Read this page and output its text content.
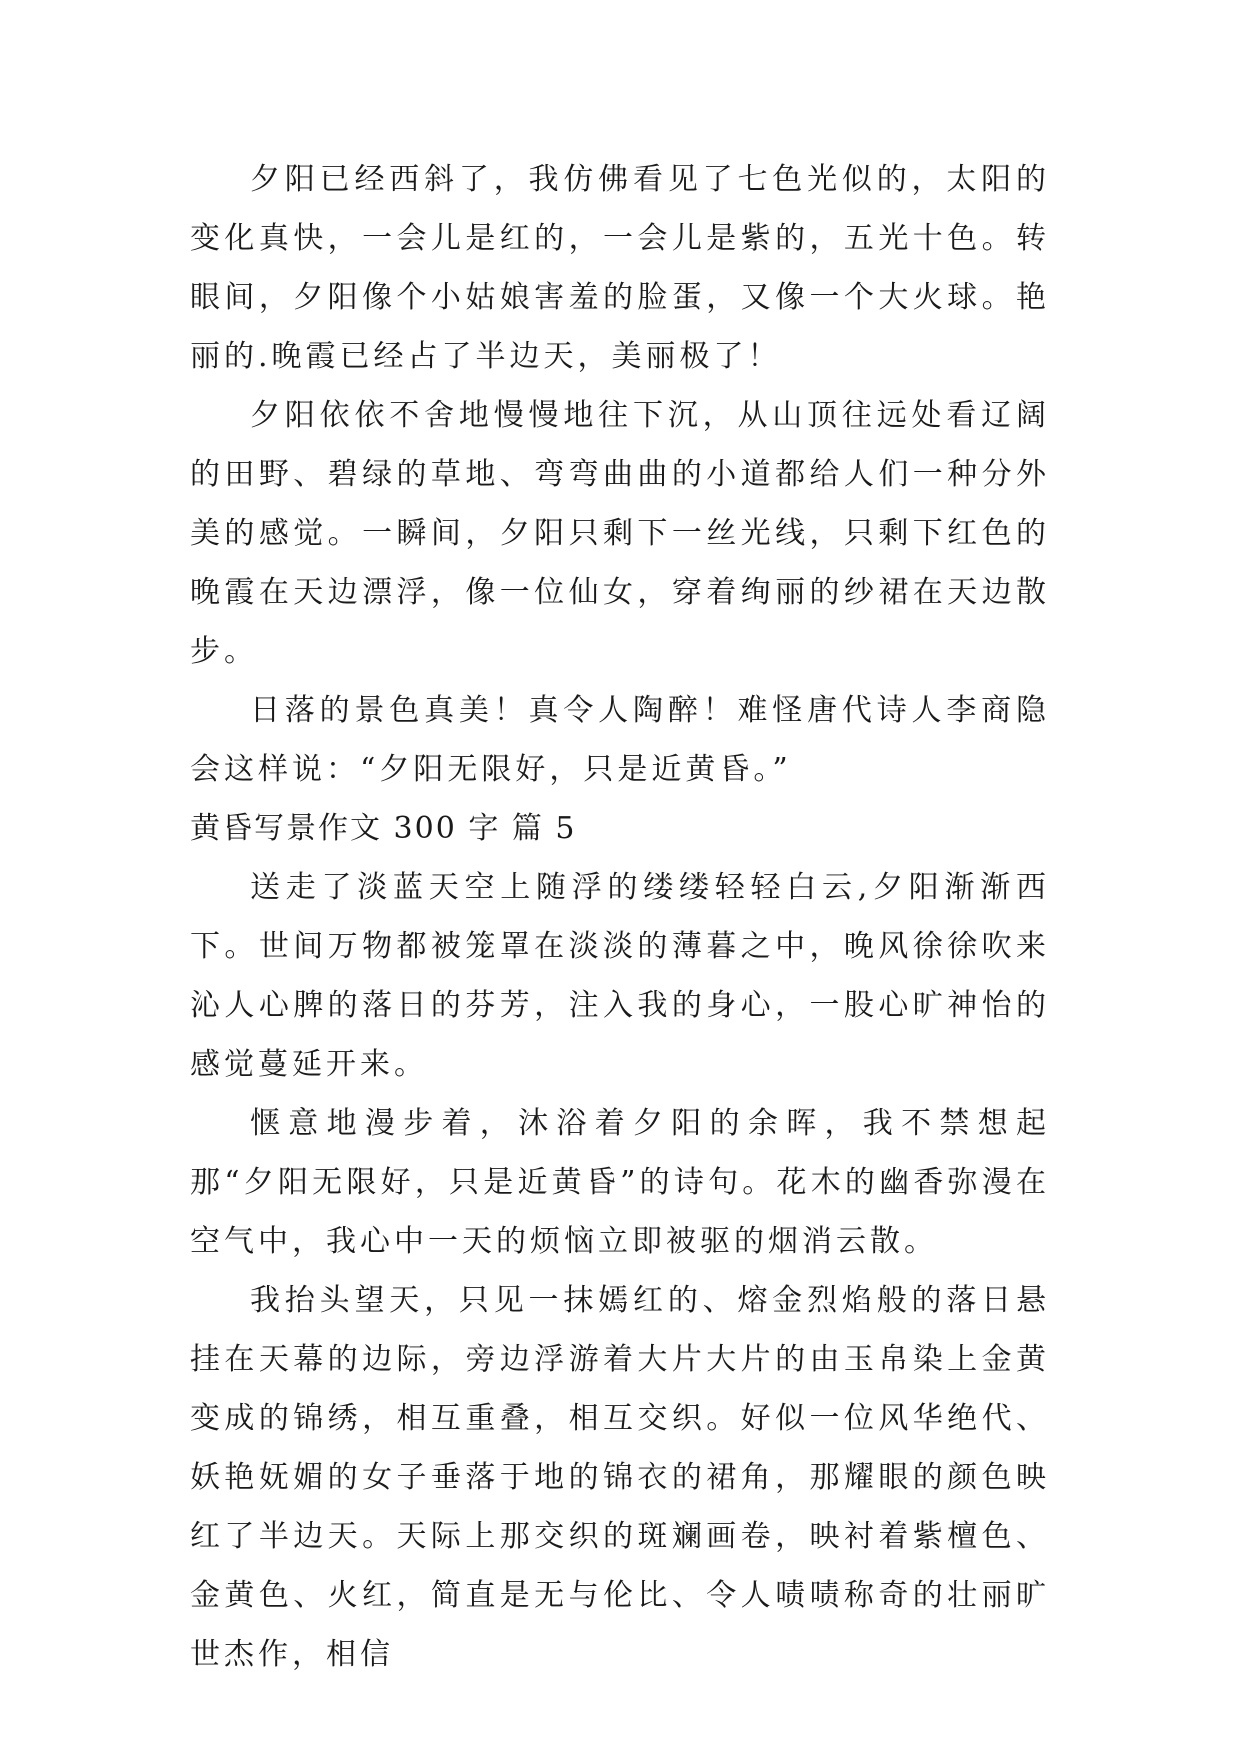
夕阳已经西斜了，我仿佛看见了七色光似的，太阳的变化真快，一会儿是红的，一会儿是紫的，五光十色。转眼间，夕阳像个小姑娘害羞的脸蛋，又像一个大火球。艳丽的.晚霞已经占了半边天，美丽极了！

夕阳依依不舍地慢慢地往下沉，从山顶往远处看辽阔的田野、碧绿的草地、弯弯曲曲的小道都给人们一种分外美的感觉。一瞬间，夕阳只剩下一丝光线，只剩下红色的晚霞在天边漂浮，像一位仙女，穿着绚丽的纱裙在天边散步。

日落的景色真美！真令人陶醉！难怪唐代诗人李商隐会这样说：“夕阳无限好，只是近黄昏。”

黄昏写景作文 300 字 篇 5

送走了淡蓝天空上随浮的缕缕轻轻白云,夕阳渐渐西下。世间万物都被笼罩在淡淡的薄暮之中，晚风徐徐吹来沁人心脾的落日的芬芳，注入我的身心，一股心旷神怡的感觉蔓延开来。

惬意地漫步着，沐浴着夕阳的余晖，我不禁想起那“夕阳无限好，只是近黄昏”的诗句。花木的幽香弥漫在空气中，我心中一天的烦恼立即被驱的烟消云散。

我抬头望天，只见一抹嫣红的、熔金烈焰般的落日悬挂在天幕的边际，旁边浮游着大片大片的由玉帛染上金黄变成的锦绣，相互重叠，相互交织。好似一位风华绝代、妖艳妩媚的女子垂落于地的锦衣的裙角，那耀眼的颜色映红了半边天。天际上那交织的斑斓画卷，映衬着紫檀色、金黄色、火红，简直是无与伦比、令人啧啧称奇的壮丽旷世杰作，相信
